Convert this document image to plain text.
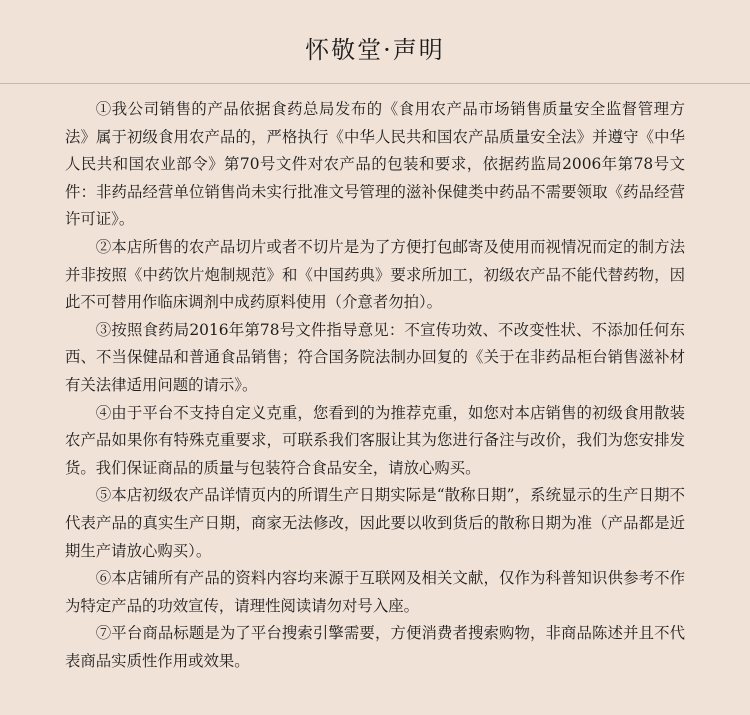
怀敬堂·声明

①我公司销售的产品依据食药总局发布的《食用农产品市场销售质量安全监督管理方法》属于初级食用农产品的，严格执行《中华人民共和国农产品质量安全法》并遵守《中华人民共和国农业部令》第70号文件对农产品的包装和要求，依据药监局2006年第78号文件：非药品经营单位销售尚未实行批准文号管理的滋补保健类中药品不需要领取《药品经营许可证》。

②本店所售的农产品切片或者不切片是为了方便打包邮寄及使用而视情况而定的制方法并非按照《中药饮片炮制规范》和《中国药典》要求所加工，初级农产品不能代替药物，因此不可替用作临床调剂中成药原料使用（介意者勿拍）。

③按照食药局2016年第78号文件指导意见：不宣传功效、不改变性状、不添加任何东西、不当保健品和普通食品销售；符合国务院法制办回复的《关于在非药品柜台销售滋补材有关法律适用问题的请示》。

④由于平台不支持自定义克重，您看到的为推荐克重，如您对本店销售的初级食用散装农产品如果你有特殊克重要求，可联系我们客服让其为您进行备注与改价，我们为您安排发货。我们保证商品的质量与包装符合食品安全，请放心购买。

⑤本店初级农产品详情页内的所谓生产日期实际是“散称日期”，系统显示的生产日期不代表产品的真实生产日期，商家无法修改，因此要以收到货后的散称日期为准（产品都是近期生产请放心购买）。

⑥本店铺所有产品的资料内容均来源于互联网及相关文献，仅作为科普知识供参考不作为特定产品的功效宣传，请理性阅读请勿对号入座。

⑦平台商品标题是为了平台搜索引擎需要，方便消费者搜索购物，非商品陈述并且不代表商品实质性作用或效果。
